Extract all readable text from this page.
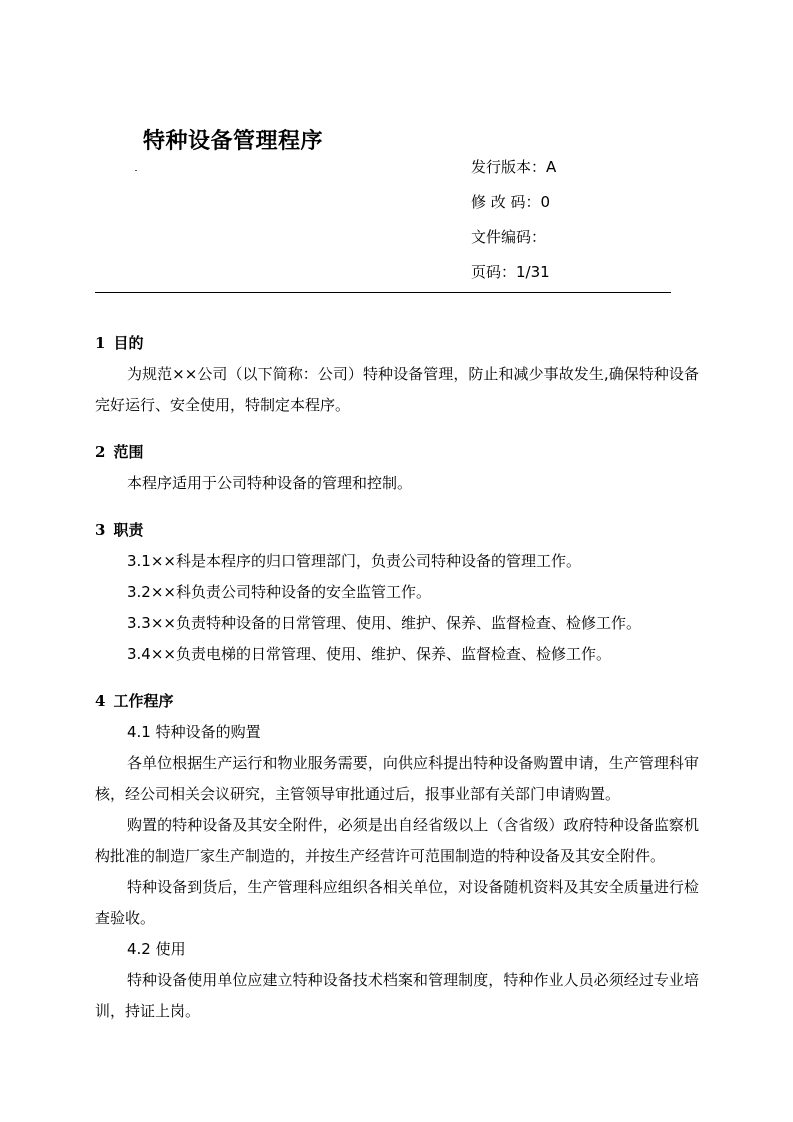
特种设备管理程序
发行版本：A
修 改 码：0
文件编码：
页码：1/31
1 目的

为规范××公司（以下简称：公司）特种设备管理，防止和减少事故发生,确保特种设备完好运行、安全使用，特制定本程序。

2 范围

本程序适用于公司特种设备的管理和控制。

3 职责
3.1××科是本程序的归口管理部门，负责公司特种设备的管理工作。
3.2××科负责公司特种设备的安全监管工作。
3.3××负责特种设备的日常管理、使用、维护、保养、监督检查、检修工作。
3.4××负责电梯的日常管理、使用、维护、保养、监督检查、检修工作。
4 工作程序
4.1 特种设备的购置

各单位根据生产运行和物业服务需要，向供应科提出特种设备购置申请，生产管理科审核，经公司相关会议研究，主管领导审批通过后，报事业部有关部门申请购置。

购置的特种设备及其安全附件，必须是出自经省级以上（含省级）政府特种设备监察机构批准的制造厂家生产制造的，并按生产经营许可范围制造的特种设备及其安全附件。

特种设备到货后，生产管理科应组织各相关单位，对设备随机资料及其安全质量进行检查验收。

4.2 使用

特种设备使用单位应建立特种设备技术档案和管理制度，特种作业人员必须经过专业培训，持证上岗。
